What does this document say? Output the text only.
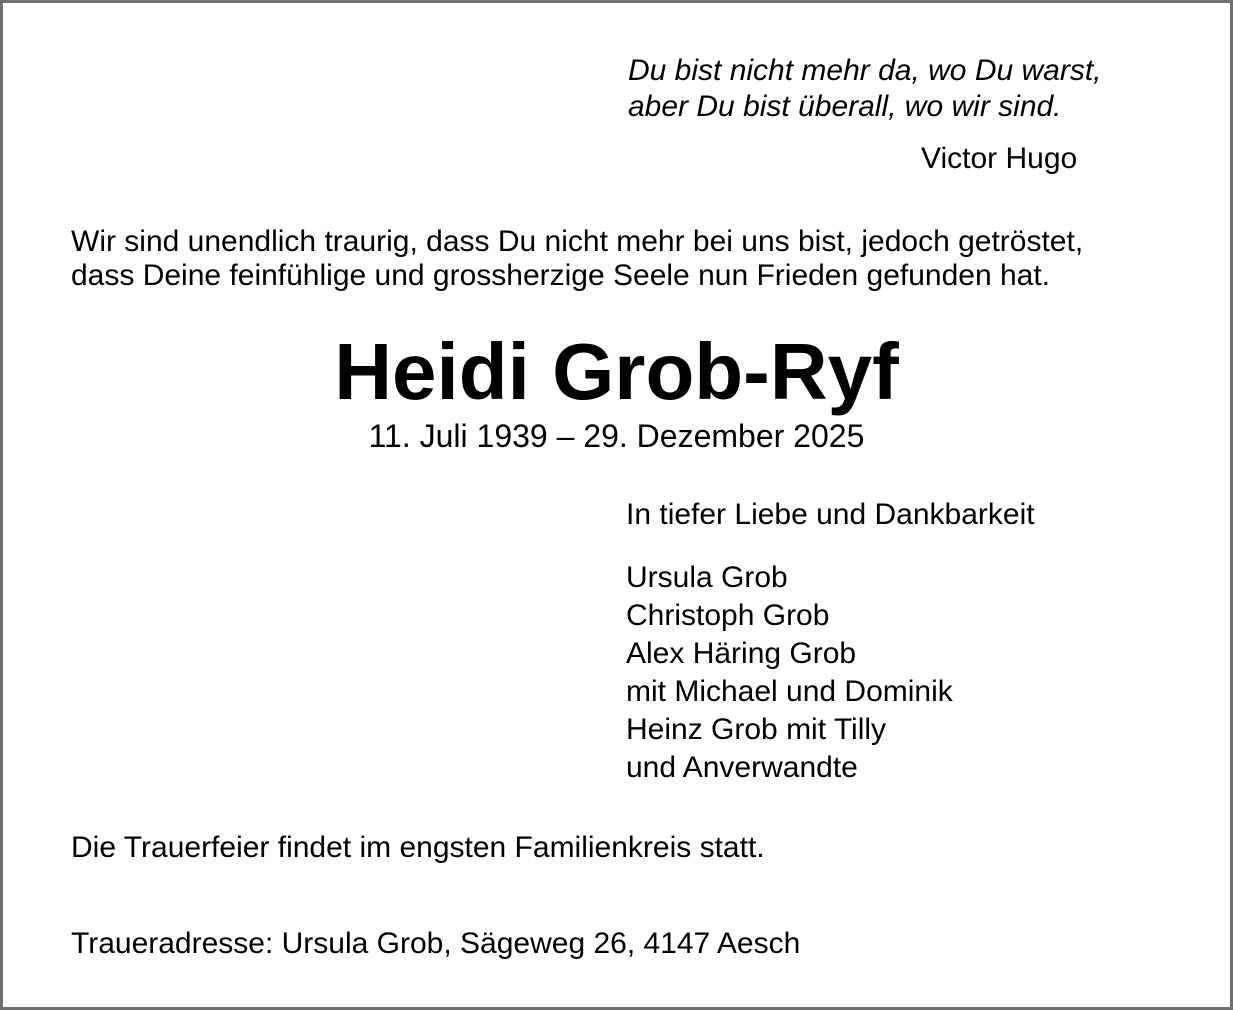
Du bist nicht mehr da, wo Du warst,
aber Du bist überall, wo wir sind.
Victor Hugo
Wir sind unendlich traurig, dass Du nicht mehr bei uns bist, jedoch getröstet,
dass Deine feinfühlige und grossherzige Seele nun Frieden gefunden hat.
Heidi Grob-Ryf
11. Juli 1939 – 29. Dezember 2025
In tiefer Liebe und Dankbarkeit
Ursula Grob
Christoph Grob
Alex Häring Grob
mit Michael und Dominik
Heinz Grob mit Tilly
und Anverwandte
Die Trauerfeier findet im engsten Familienkreis statt.
Traueradresse: Ursula Grob, Sägeweg 26, 4147 Aesch
